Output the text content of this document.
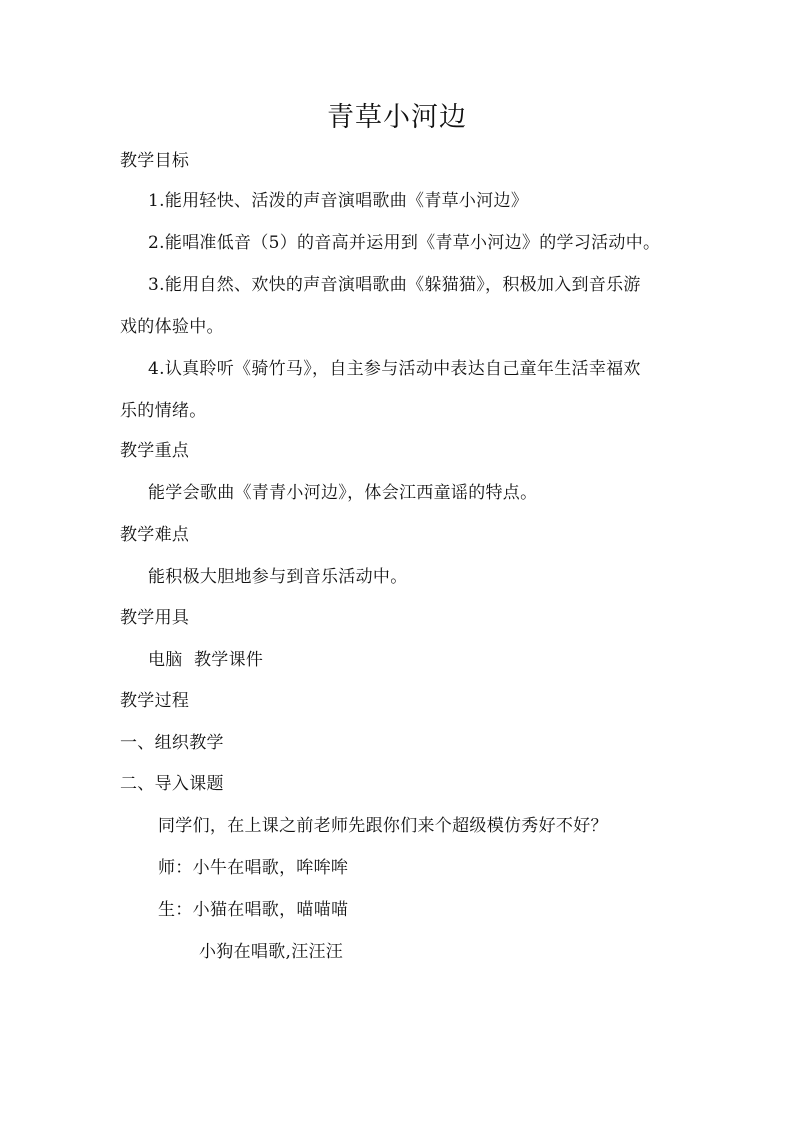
青草小河边
教学目标
1.能用轻快、活泼的声音演唱歌曲《青草小河边》
2.能唱准低音（5）的音高并运用到《青草小河边》的学习活动中。
3.能用自然、欢快的声音演唱歌曲《躲猫猫》，积极加入到音乐游
戏的体验中。
4.认真聆听《骑竹马》，自主参与活动中表达自己童年生活幸福欢
乐的情绪。
教学重点
能学会歌曲《青青小河边》，体会江西童谣的特点。
教学难点
能积极大胆地参与到音乐活动中。
教学用具
电脑  教学课件
教学过程
一、组织教学
二、导入课题
同学们，在上课之前老师先跟你们来个超级模仿秀好不好？
师：小牛在唱歌，哞哞哞
生：小猫在唱歌，喵喵喵
小狗在唱歌,汪汪汪
